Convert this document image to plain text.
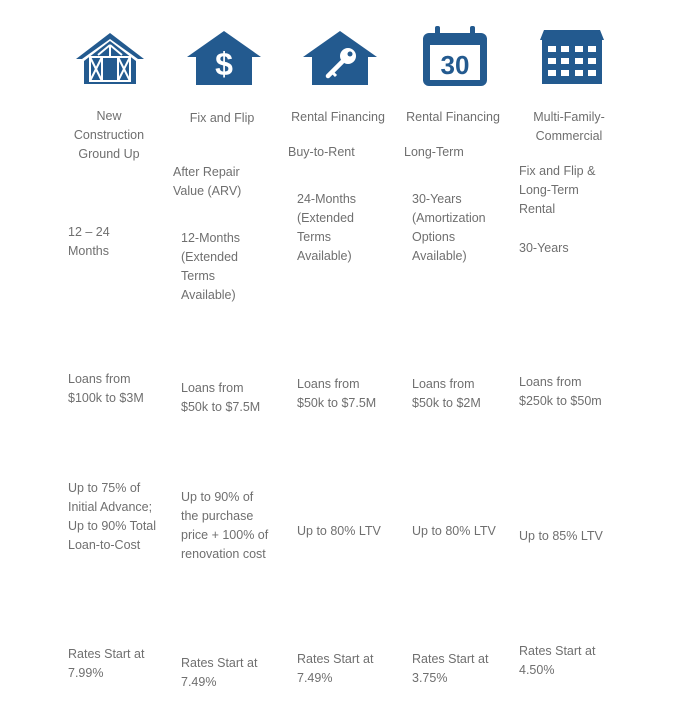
$	30
New Construction Ground Up
12 – 24 Months
Loans from $100k to $3M
Up to 75% of Initial Advance; Up to 90% Total Loan-to-Cost
Rates Start at 7.99%
Fix and Flip
After Repair Value (ARV)
12-Months (Extended Terms Available)
Loans from $50k to $7.5M
Up to 90% of the purchase price + 100% of renovation cost
Rates Start at 7.49%
Rental Financing
Buy-to-Rent
24-Months (Extended Terms Available)
Loans from $50k to $7.5M
Up to 80% LTV
Rates Start at 7.49%
Rental Financing
Long-Term
30-Years (Amortization Options Available)
Loans from $50k to $2M
Up to 80% LTV
Rates Start at 3.75%
Multi-Family-Commercial
Fix and Flip & Long-Term Rental
30-Years
Loans from $250k to $50m
Up to 85% LTV
Rates Start at 4.50%
